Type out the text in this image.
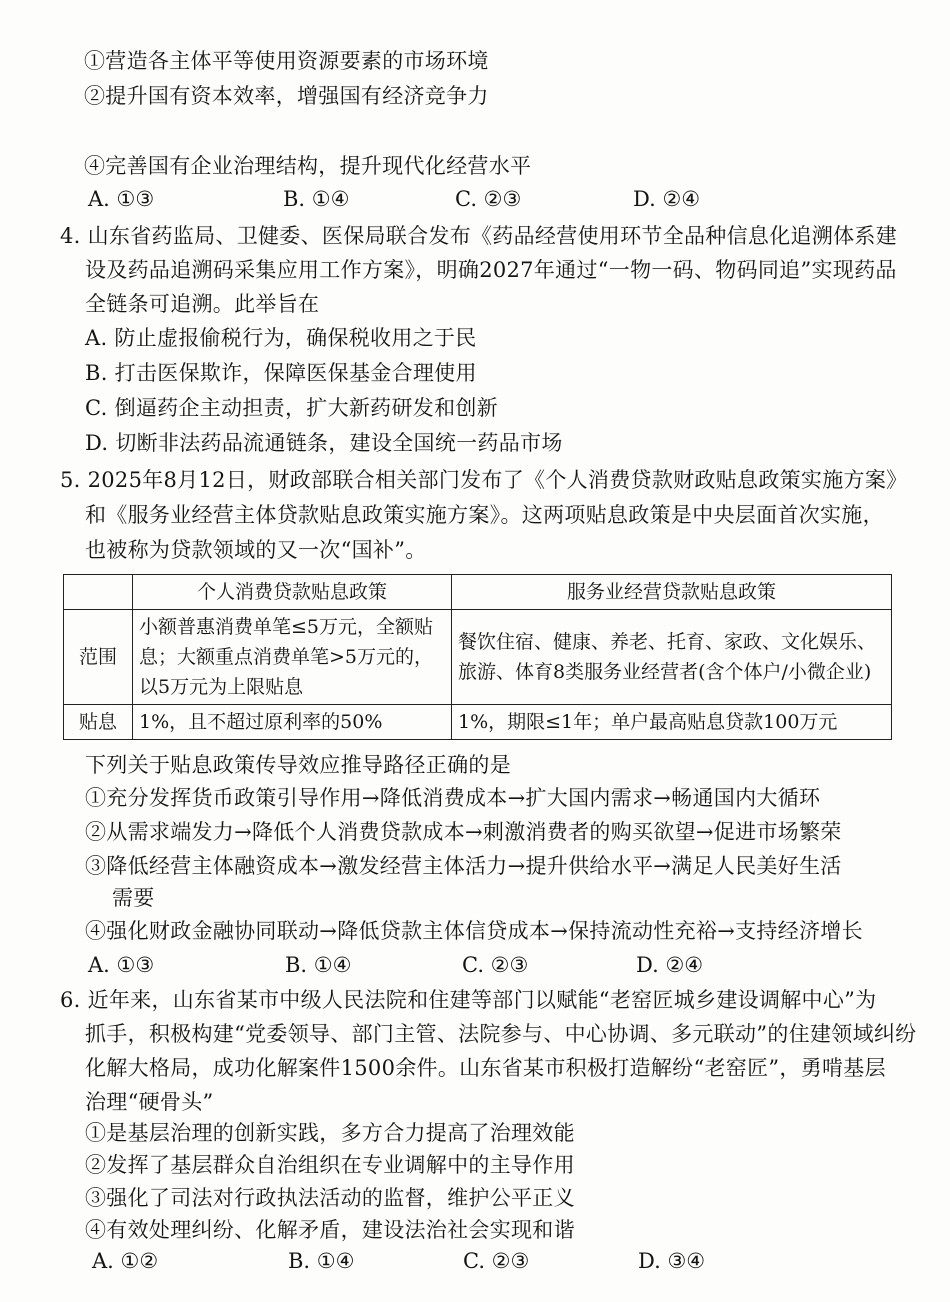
①营造各主体平等使用资源要素的市场环境
②提升国有资本效率，增强国有经济竞争力
④完善国有企业治理结构，提升现代化经营水平
A. ①③	B. ①④	C. ②③	D. ②④
4. 山东省药监局、卫健委、医保局联合发布《药品经营使用环节全品种信息化追溯体系建
设及药品追溯码采集应用工作方案》，明确2027年通过“一物一码、物码同追”实现药品
全链条可追溯。此举旨在
A. 防止虚报偷税行为，确保税收用之于民
B. 打击医保欺诈，保障医保基金合理使用
C. 倒逼药企主动担责，扩大新药研发和创新
D. 切断非法药品流通链条，建设全国统一药品市场
5. 2025年8月12日，财政部联合相关部门发布了《个人消费贷款财政贴息政策实施方案》
和《服务业经营主体贷款贴息政策实施方案》。这两项贴息政策是中央层面首次实施，
也被称为贷款领域的又一次“国补”。
	个人消费贷款贴息政策	服务业经营贷款贴息政策
范围	小额普惠消费单笔≤5万元，全额贴息；大额重点消费单笔>5万元的，以5万元为上限贴息	餐饮住宿、健康、养老、托育、家政、文化娱乐、旅游、体育8类服务业经营者(含个体户/小微企业)
贴息	1%，且不超过原利率的50%	1%，期限≤1年；单户最高贴息贷款100万元
下列关于贴息政策传导效应推导路径正确的是
①充分发挥货币政策引导作用→降低消费成本→扩大国内需求→畅通国内大循环
②从需求端发力→降低个人消费贷款成本→刺激消费者的购买欲望→促进市场繁荣
③降低经营主体融资成本→激发经营主体活力→提升供给水平→满足人民美好生活
需要
④强化财政金融协同联动→降低贷款主体信贷成本→保持流动性充裕→支持经济增长
A. ①③	B. ①④	C. ②③	D. ②④
6. 近年来，山东省某市中级人民法院和住建等部门以赋能“老窑匠城乡建设调解中心”为
抓手，积极构建“党委领导、部门主管、法院参与、中心协调、多元联动”的住建领域纠纷
化解大格局，成功化解案件1500余件。山东省某市积极打造解纷“老窑匠”，勇啃基层
治理“硬骨头”
①是基层治理的创新实践，多方合力提高了治理效能
②发挥了基层群众自治组织在专业调解中的主导作用
③强化了司法对行政执法活动的监督，维护公平正义
④有效处理纠纷、化解矛盾，建设法治社会实现和谐
A. ①②	B. ①④	C. ②③	D. ③④
